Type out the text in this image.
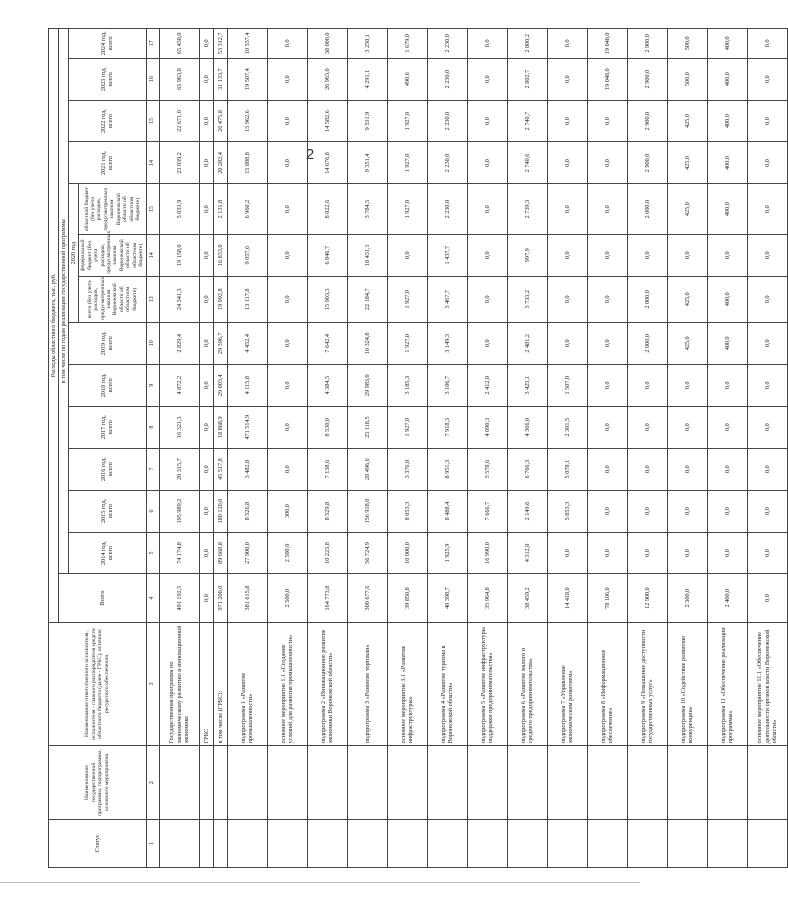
2
Статус	Наименование государственной программы, подпрограммы, основного мероприятия	Наименование ответственного исполнителя, исполнителя - главного распорядителя средств областного бюджета (далее - ГРБС), источник ресурсного обеспечения	Расходы областного бюджета, тыс. руб.													
			Всего	в том числе по годам реализации государственной программы												
				2014 год, всего	2015 год, всего	2016 год, всего	2017 год, всего	2018 год, всего	2019 год, всего	2020 год			2021 год, всего	2022 год, всего	2023 год, всего	2024 год, всего
										всего (без учета расходов, предусмотренных законом Воронежской области об областном бюджете)	федеральный бюджет (без учета расходов, предусмотренных законом Воронежской области об областном бюджете)	областной бюджет (без учета расходов, предусмотренных законом Воронежской области об областном бюджете)				
1	2	3	4	5	6	7	8	9	10	13	14	15	14	15	16	17
		Государственная программа по экономическому развитию и инновационной экономике	491 192,5	74 174,8	195 989,2	20 315,7	16 321,3	4 872,2	2 829,4	24 341,3	19 158,0	5 033,9	23 039,2	22 671,0	65 963,0	65 438,0
		ГРБС	0,0	0,0	0,0	0,0	0,0	0,0	0,0	0,0	0,0	0,0	0,0	0,0	0,0	0,0
		в том числе (ГРБС):	971 200,0	89 668,8	180 120,0	45 517,8	18 868,9	29 003,4	29 396,7	19 992,8	16 833,0	2 131,8	20 282,4	26 475,8	31 133,7	53 312,7
		подпрограмма 1 «Развитие промышленности»	381 615,8	27 900,0	8 526,8	3 482,8	471 514,9	4 115,8	4 452,4	13 117,8	9 057,6	6 960,2	15 888,8	15 962,6	19 507,4	10 537,4
		основное мероприятие 1.1 «Создание условий для развития промышленности»	2 500,0	2 500,0	300,0	0,0	0,0	0,0	0,0	0,0	0,0	0,0	0,0	0,0	0,0	0,0
		подпрограмма 2 «Инновационное развитие экономики Воронежской области»	164 773,8	10 223,8	8 529,8	7 138,6	8 530,0	4 384,5	7 642,4	15 903,3	6 846,7	8 022,6	14 676,8	14 582,6	26 963,0	38 000,0
		подпрограмма 3 «Развитие торговли»	300 677,6	56 724,9	156 918,0	28 496,6	25 118,5	29 983,0	10 324,8	22 184,7	18 431,1	3 784,5	9 351,4	9 531,9	4 291,1	3 250,1
		основное мероприятие 3.1 «Развитие инфраструктуры»	39 850,8	10 000,0	8 053,3	3 376,0	1 927,0	3 185,3	1 927,0	1 927,0	0,0	1 927,0	1 927,0	1 927,0	490,6	1 679,0
		подпрограмма 4 «Развитие туризма в Воронежской области»	40 398,7	1 925,9	8 488,4	8 951,3	7 918,3	3 106,7	3 149,3	3 467,7	1 437,7	2 230,0	2 230,0	2 230,0	2 230,0	2 230,0
		подпрограмма 5 «Развитие инфраструктуры поддержки предпринимательства»	35 964,8	16 990,0	7 666,7	5 578,6	4 090,3	2 412,0	0,0	0,0	0,0	0,0	0,0	0,0	0,0	0,0
		подпрограмма 6 «Развитие малого и среднего предпринимательства»	38 459,2	4 312,0	2 149,6	6 766,3	4 366,0	3 425,1	2 481,2	3 733,2	997,9	2 739,3	2 740,6	2 740,7	2 802,7	2 800,2
		подпрограмма 7 «Управление экономическим развитием»	14 418,0	0,0	5 853,3	5 078,1	2 301,5	1 507,0	0,0	0,0	0,0	0,0	0,0	0,0	0,0	0,0
		подпрограмма 8 «Информационное обеспечение»	78 106,0	0,0	0,0	0,0	0,0	0,0	0,0	0,0	0,0	0,0	0,0	0,0	19 048,0	19 048,0
		подпрограмма 9 «Повышение доступности государственных услуг»	12 900,0	0,0	0,0	0,0	0,0	0,0	2 000,0	2 000,0	0,0	2 000,0	2 900,0	2 900,0	2 900,0	2 900,0
		подпрограмма 10 «Содействие развитию конкуренции»	2 300,0	0,0	0,0	0,0	0,0	0,0	425,0	425,0	0,0	425,0	425,0	425,0	500,0	500,0
		подпрограмма 11 «Обеспечение реализации программы»	2 400,0	0,0	0,0	0,0	0,0	0,0	400,0	400,0	0,0	400,0	400,0	400,0	400,0	400,0
		основное мероприятие 11.1 «Обеспечение деятельности органов власти Воронежской области»	0,0	0,0	0,0	0,0	0,0	0,0	0,0	0,0	0,0	0,0	0,0	0,0	0,0	0,0
